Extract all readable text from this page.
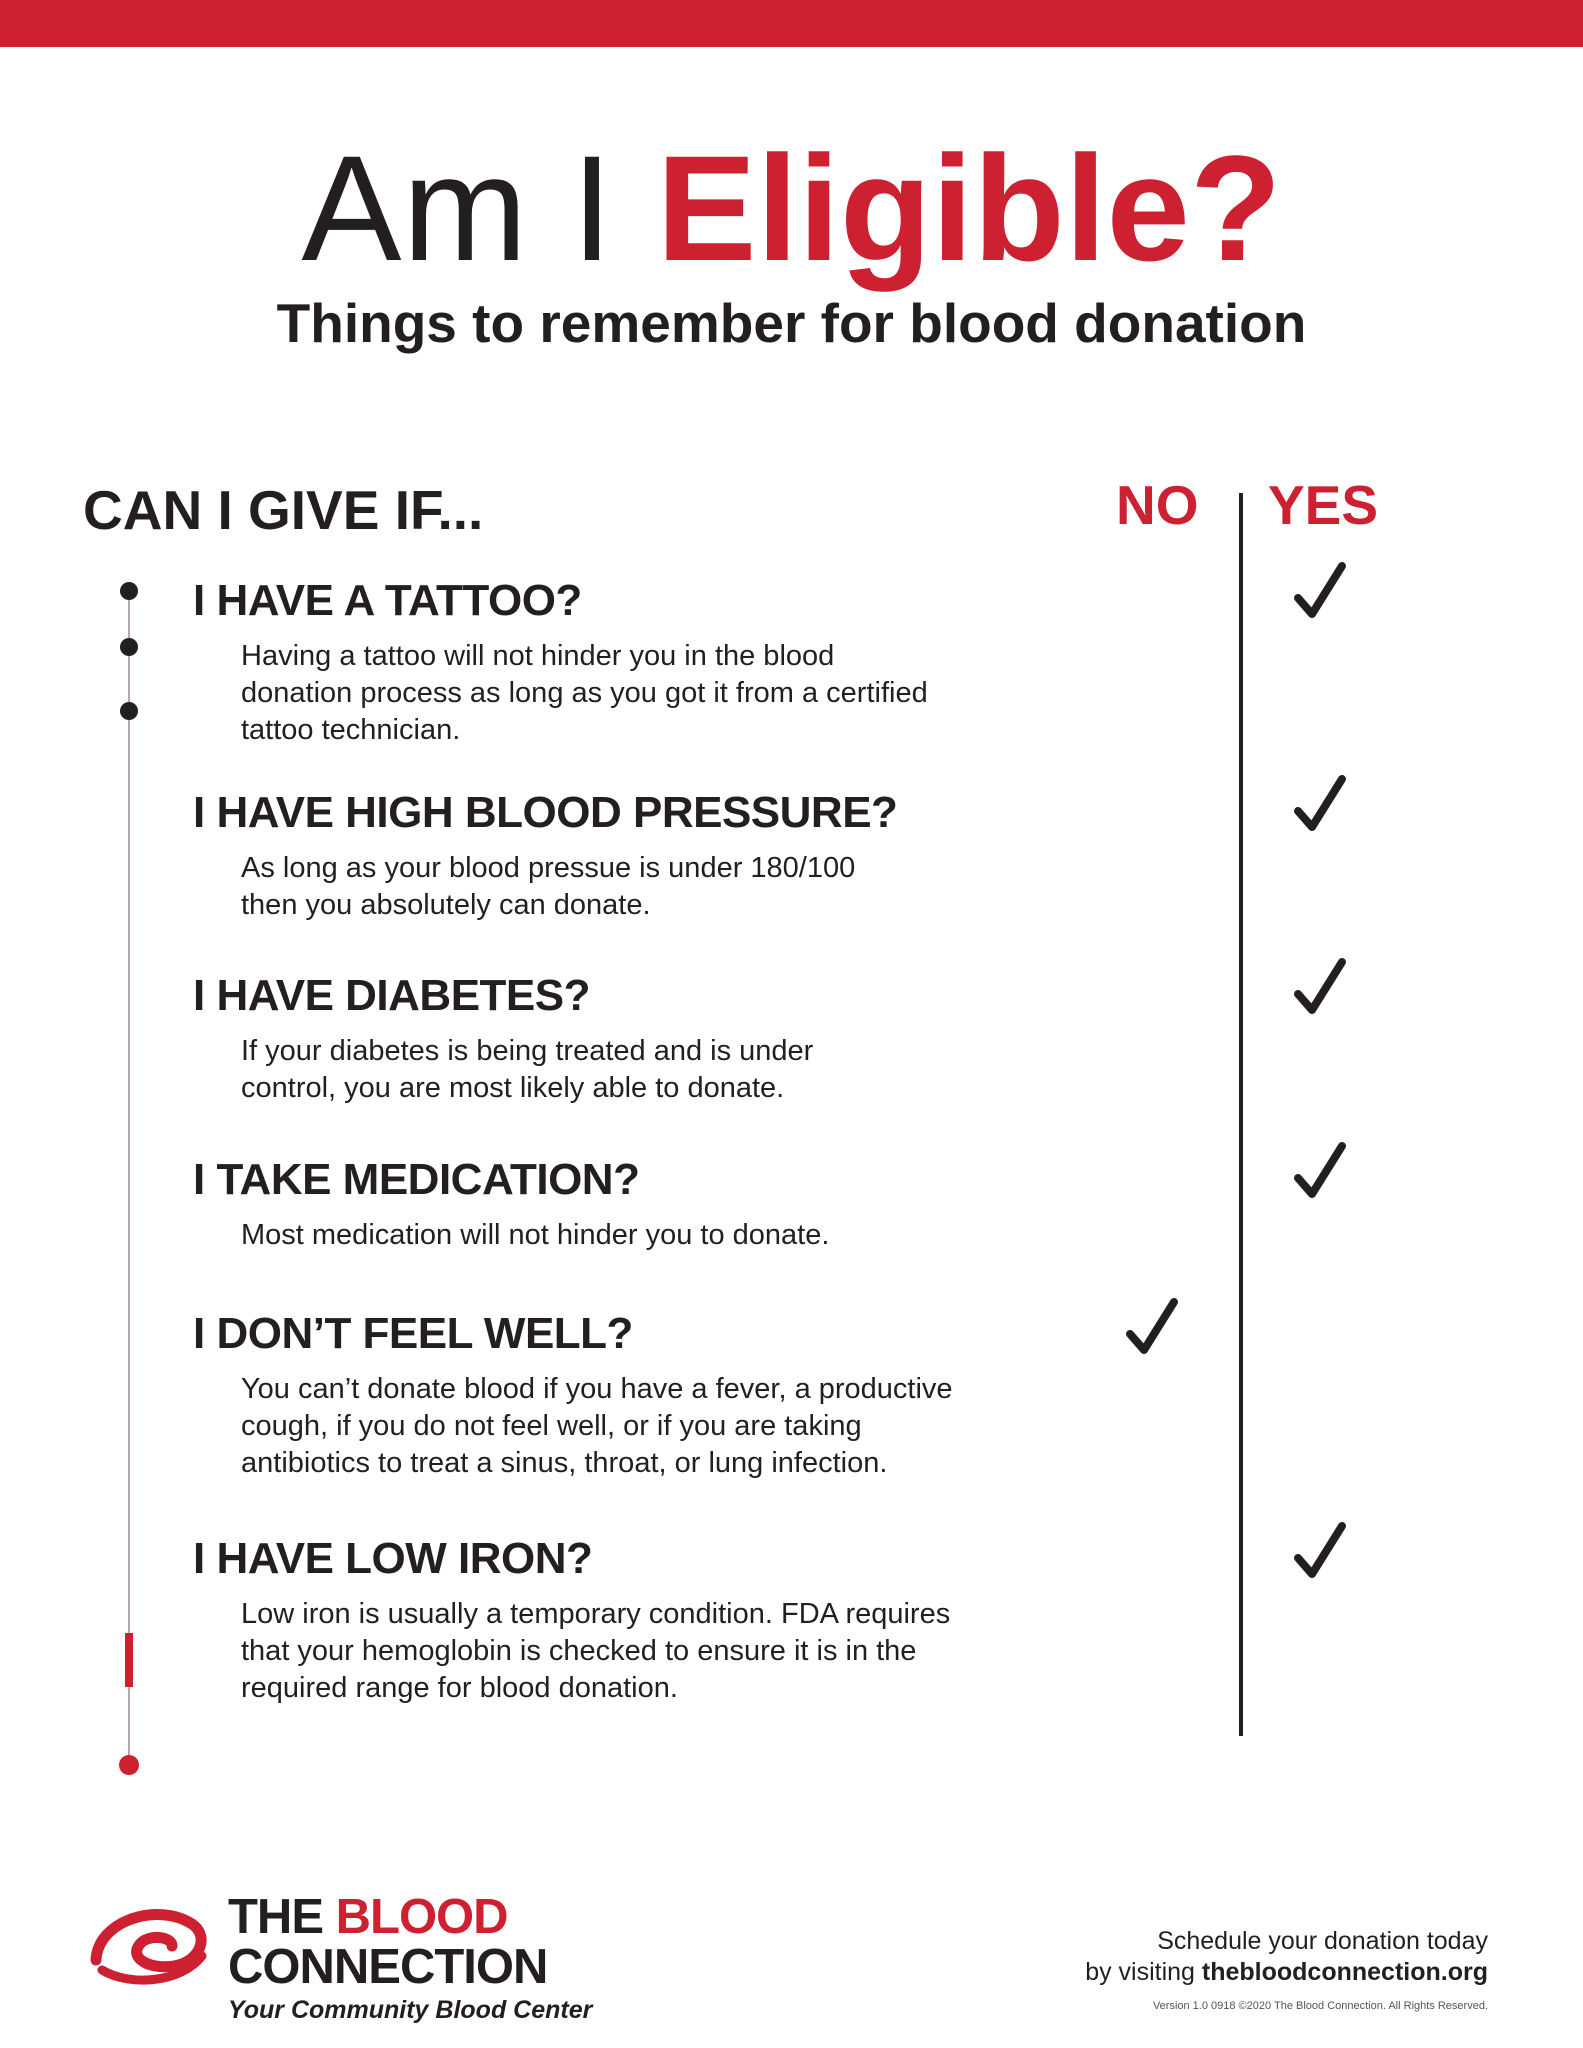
Am I Eligible?
Things to remember for blood donation
CAN I GIVE IF...	NO YES
I HAVE A TATTOO?
Having a tattoo will not hinder you in the blood
donation process as long as you got it from a certified
tattoo technician.
I HAVE HIGH BLOOD PRESSURE?
As long as your blood pressue is under 180/100
then you absolutely can donate.
I HAVE DIABETES?
If your diabetes is being treated and is under
control, you are most likely able to donate.
I TAKE MEDICATION?
Most medication will not hinder you to donate.
I DON’T FEEL WELL?
You can’t donate blood if you have a fever, a productive
cough, if you do not feel well, or if you are taking
antibiotics to treat a sinus, throat, or lung infection.
I HAVE LOW IRON?
Low iron is usually a temporary condition. FDA requires
that your hemoglobin is checked to ensure it is in the
required range for blood donation.
THE BLOOD
CONNECTION
Your Community Blood Center
Schedule your donation today
by visiting thebloodconnection.org
Version 1.0 0918 ©2020 The Blood Connection. All Rights Reserved.
